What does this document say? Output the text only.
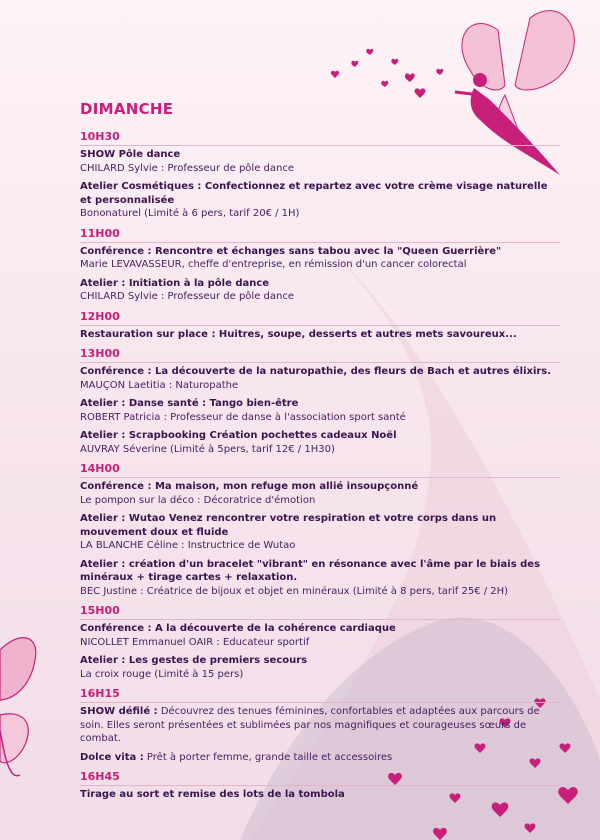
DIMANCHE
10H30
SHOW Pôle dance
CHILARD Sylvie : Professeur de pôle dance
Atelier Cosmétiques : Confectionnez et repartez avec votre crème visage naturelle et personnalisée
Bononaturel (Limité à 6 pers, tarif 20€ / 1H)
11H00
Conférence : Rencontre et échanges sans tabou avec la "Queen Guerrière"
Marie LEVAVASSEUR, cheffe d'entreprise, en rémission d'un cancer colorectal
Atelier : Initiation à la pôle dance
CHILARD Sylvie : Professeur de pôle dance
12H00
Restauration sur place : Huitres, soupe, desserts et autres mets savoureux...
13H00
Conférence : La découverte de la naturopathie, des fleurs de Bach et autres élixirs.
MAUÇON Laetitia : Naturopathe
Atelier : Danse santé : Tango bien-être
ROBERT Patricia : Professeur de danse à l'association sport santé
Atelier : Scrapbooking Création pochettes cadeaux Noël
AUVRAY Séverine (Limité à 5pers, tarif 12€ / 1H30)
14H00
Conférence : Ma maison, mon refuge mon allié insoupçonné
Le pompon sur la déco : Décoratrice d'émotion
Atelier : Wutao Venez rencontrer votre respiration et votre corps dans un mouvement doux et fluide
LA BLANCHE Céline : Instructrice de Wutao
Atelier : création d'un bracelet "vibrant" en résonance avec l'âme par le biais des minéraux + tirage cartes + relaxation.
BEC Justine : Créatrice de bijoux et objet en minéraux (Limité à 8 pers, tarif 25€ / 2H)
15H00
Conférence : A la découverte de la cohérence cardiaque
NICOLLET Emmanuel OAIR : Educateur sportif
Atelier : Les gestes de premiers secours
La croix rouge (Limité à 15 pers)
16H15
SHOW défilé : Découvrez des tenues féminines, confortables et adaptées aux parcours de soin. Elles seront présentées et sublimées par nos magnifiques et courageuses sœurs de combat.
Dolce vita : Prêt à porter femme, grande taille et accessoires
16H45
Tirage au sort et remise des lots de la tombola
